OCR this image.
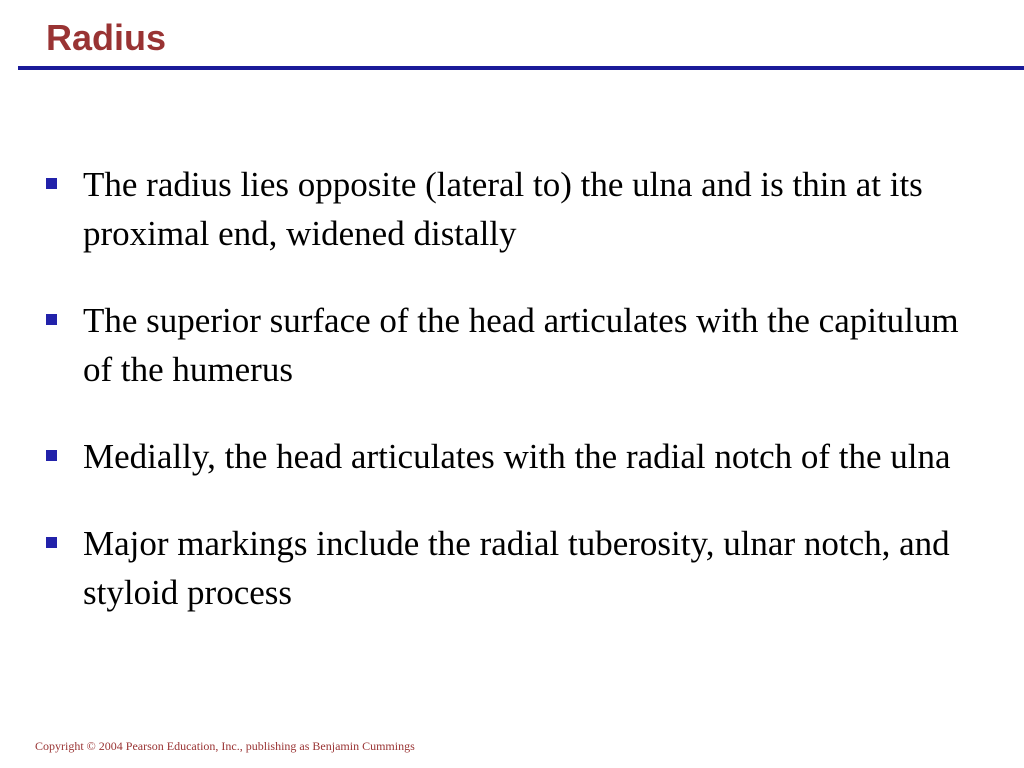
Radius
The radius lies opposite (lateral to) the ulna and is thin at its proximal end, widened distally
The superior surface of the head articulates with the capitulum of the humerus
Medially, the head articulates with the radial notch of the ulna
Major markings include the radial tuberosity, ulnar notch, and styloid process
Copyright © 2004 Pearson Education, Inc., publishing as Benjamin Cummings
